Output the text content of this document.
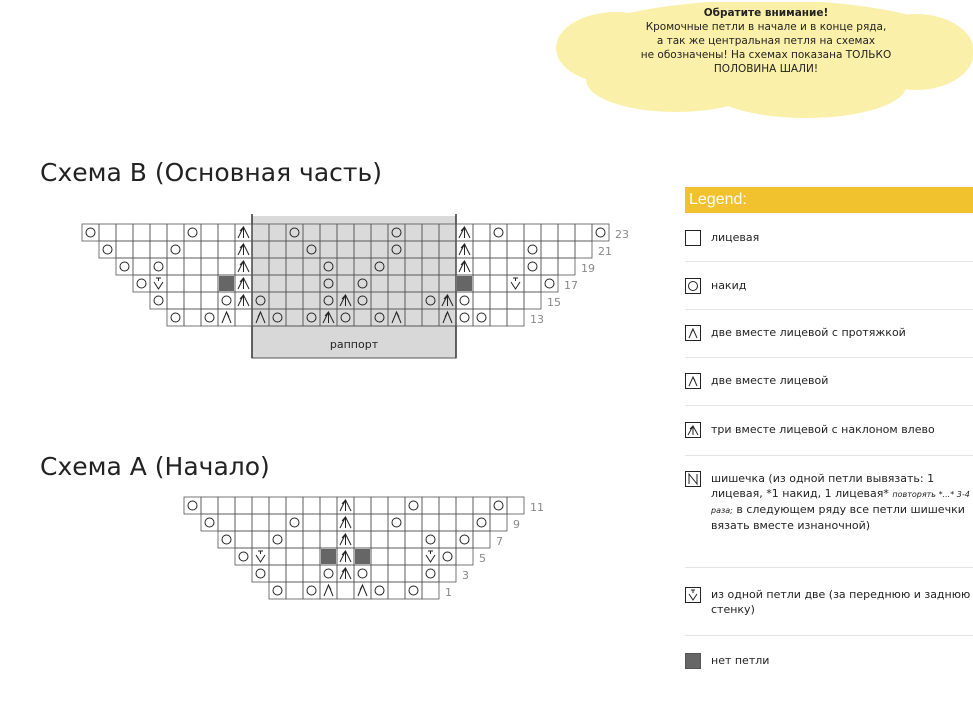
Обратите внимание!
Кромочные петли в начале и в конце ряда,
а так же центральная петля на схемах
не обозначены! На схемах показана ТОЛЬКО
ПОЛОВИНА ШАЛИ!
Схема B (Основная часть)
раппорт
23
21
19
17
15
13
Схема А (Начало)
11
9
7
5
3
1
Legend:
лицевая
накид
две вместе лицевой с протяжкой
две вместе лицевой
три вместе лицевой с наклоном влево
шишечка (из одной петли вывязать: 1 лицевая, *1 накид, 1 лицевая* повторять *...* 3-4 раза; в следующем ряду все петли шишечки вязать вместе изнаночной)
из одной петли две (за переднюю и заднюю стенку)
нет петли
